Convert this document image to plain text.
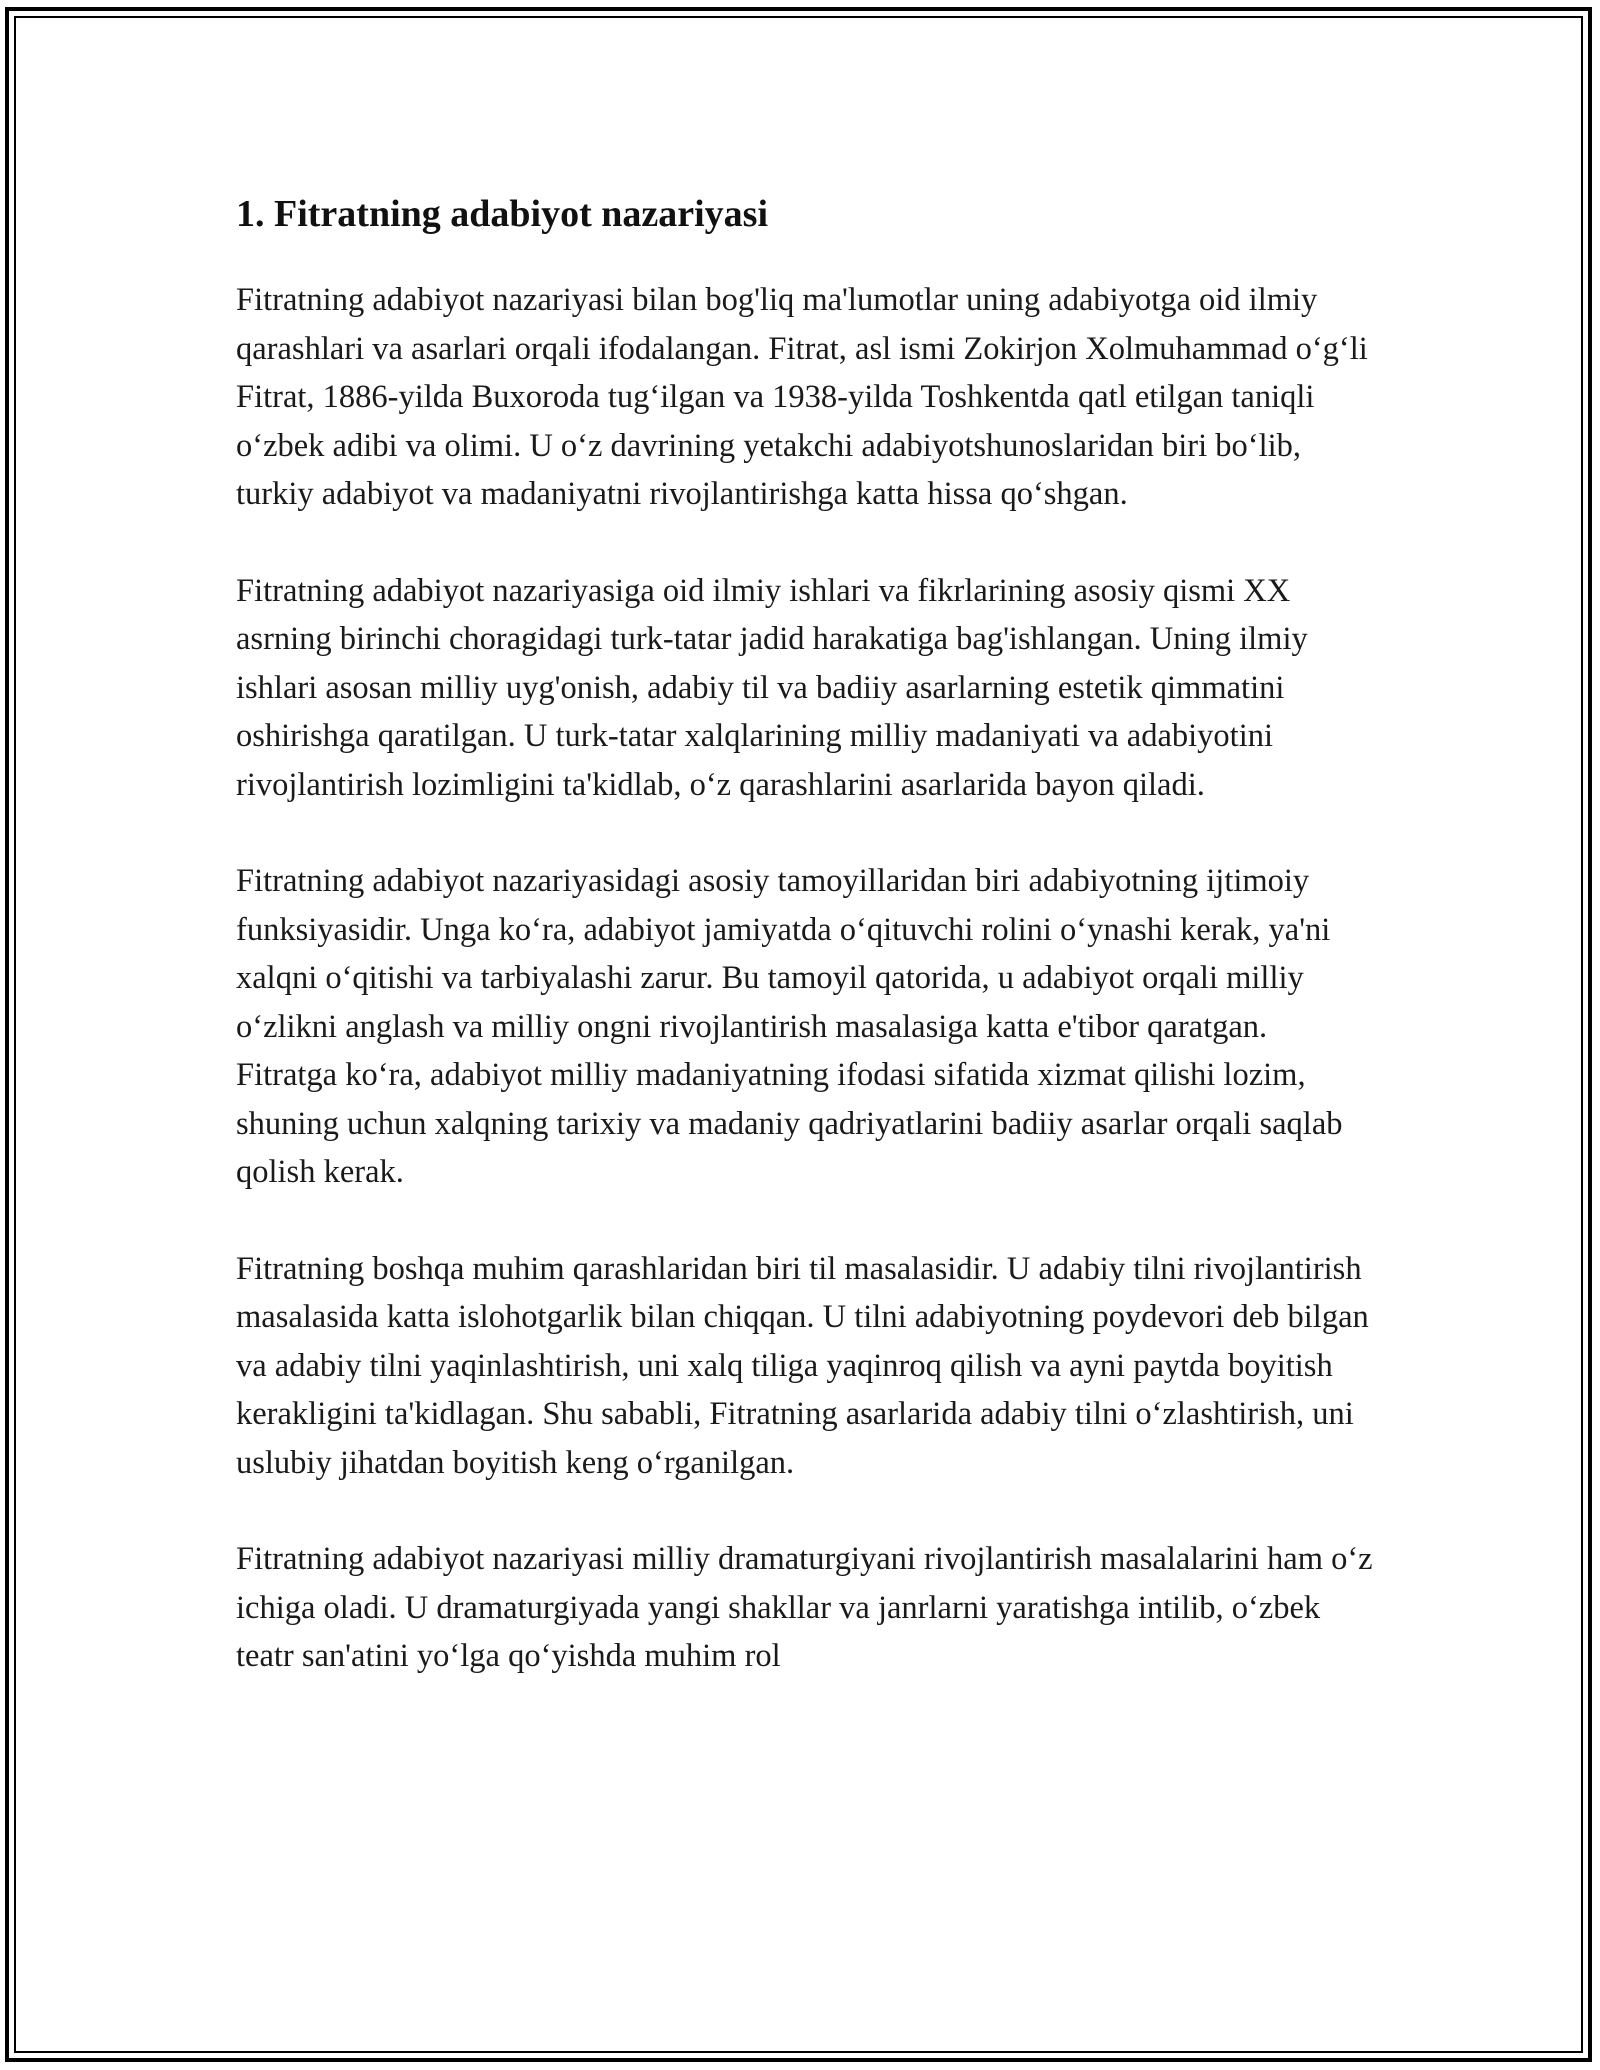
1. Fitratning adabiyot nazariyasi

Fitratning adabiyot nazariyasi bilan bog'liq ma'lumotlar uning adabiyotga oid ilmiy qarashlari va asarlari orqali ifodalangan. Fitrat, asl ismi Zokirjon Xolmuhammad o‘g‘li Fitrat, 1886-yilda Buxoroda tug‘ilgan va 1938-yilda Toshkentda qatl etilgan taniqli o‘zbek adibi va olimi. U o‘z davrining yetakchi adabiyotshunoslaridan biri bo‘lib, turkiy adabiyot va madaniyatni rivojlantirishga katta hissa qo‘shgan.

Fitratning adabiyot nazariyasiga oid ilmiy ishlari va fikrlarining asosiy qismi XX asrning birinchi choragidagi turk-tatar jadid harakatiga bag'ishlangan. Uning ilmiy ishlari asosan milliy uyg'onish, adabiy til va badiiy asarlarning estetik qimmatini oshirishga qaratilgan. U turk-tatar xalqlarining milliy madaniyati va adabiyotini rivojlantirish lozimligini ta'kidlab, o‘z qarashlarini asarlarida bayon qiladi.

Fitratning adabiyot nazariyasidagi asosiy tamoyillaridan biri adabiyotning ijtimoiy funksiyasidir. Unga ko‘ra, adabiyot jamiyatda o‘qituvchi rolini o‘ynashi kerak, ya'ni xalqni o‘qitishi va tarbiyalashi zarur. Bu tamoyil qatorida, u adabiyot orqali milliy o‘zlikni anglash va milliy ongni rivojlantirish masalasiga katta e'tibor qaratgan. Fitratga ko‘ra, adabiyot milliy madaniyatning ifodasi sifatida xizmat qilishi lozim, shuning uchun xalqning tarixiy va madaniy qadriyatlarini badiiy asarlar orqali saqlab qolish kerak.

Fitratning boshqa muhim qarashlaridan biri til masalasidir. U adabiy tilni rivojlantirish masalasida katta islohotgarlik bilan chiqqan. U tilni adabiyotning poydevori deb bilgan va adabiy tilni yaqinlashtirish, uni xalq tiliga yaqinroq qilish va ayni paytda boyitish kerakligini ta'kidlagan. Shu sababli, Fitratning asarlarida adabiy tilni o‘zlashtirish, uni uslubiy jihatdan boyitish keng o‘rganilgan.

Fitratning adabiyot nazariyasi milliy dramaturgiyani rivojlantirish masalalarini ham o‘z ichiga oladi. U dramaturgiyada yangi shakllar va janrlarni yaratishga intilib, o‘zbek teatr san'atini yo‘lga qo‘yishda muhim rol
